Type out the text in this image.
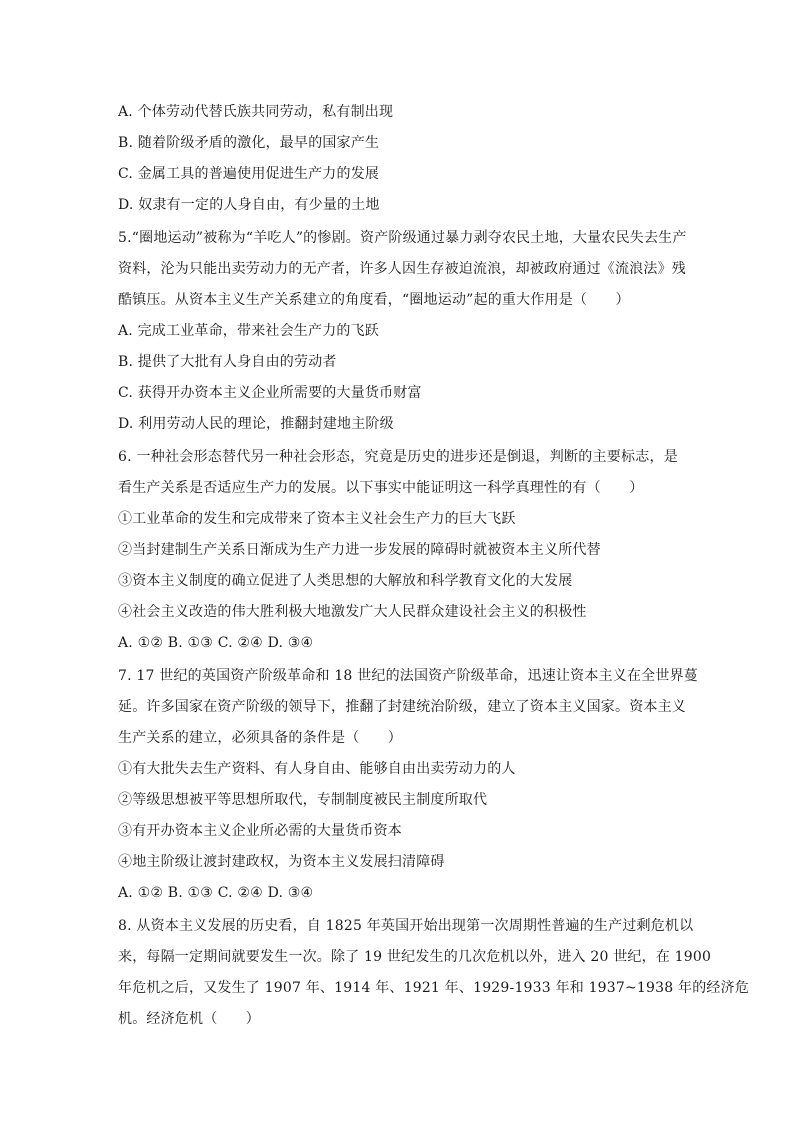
A. 个体劳动代替氏族共同劳动，私有制出现
B. 随着阶级矛盾的激化，最早的国家产生
C. 金属工具的普遍使用促进生产力的发展
D. 奴隶有一定的人身自由，有少量的土地
5.“圈地运动”被称为“羊吃人”的惨剧。资产阶级通过暴力剥夺农民土地，大量农民失去生产
资料，沦为只能出卖劳动力的无产者，许多人因生存被迫流浪，却被政府通过《流浪法》残
酷镇压。从资本主义生产关系建立的角度看，“圈地运动”起的重大作用是（　　）
A. 完成工业革命，带来社会生产力的飞跃
B. 提供了大批有人身自由的劳动者
C. 获得开办资本主义企业所需要的大量货币财富
D. 利用劳动人民的理论，推翻封建地主阶级
6. 一种社会形态替代另一种社会形态，究竟是历史的进步还是倒退，判断的主要标志，是
看生产关系是否适应生产力的发展。以下事实中能证明这一科学真理性的有（　　）
①工业革命的发生和完成带来了资本主义社会生产力的巨大飞跃
②当封建制生产关系日渐成为生产力进一步发展的障碍时就被资本主义所代替
③资本主义制度的确立促进了人类思想的大解放和科学教育文化的大发展
④社会主义改造的伟大胜利极大地激发广大人民群众建设社会主义的积极性
A. ①② B. ①③ C. ②④ D. ③④
7. 17 世纪的英国资产阶级革命和 18 世纪的法国资产阶级革命，迅速让资本主义在全世界蔓
延。许多国家在资产阶级的领导下，推翻了封建统治阶级，建立了资本主义国家。资本主义
生产关系的建立，必须具备的条件是（　　）
①有大批失去生产资料、有人身自由、能够自由出卖劳动力的人
②等级思想被平等思想所取代，专制制度被民主制度所取代
③有开办资本主义企业所必需的大量货币资本
④地主阶级让渡封建政权，为资本主义发展扫清障碍
A. ①② B. ①③ C. ②④ D. ③④
8. 从资本主义发展的历史看，自 1825 年英国开始出现第一次周期性普遍的生产过剩危机以
来，每隔一定期间就要发生一次。除了 19 世纪发生的几次危机以外，进入 20 世纪，在 1900
年危机之后，又发生了 1907 年、1914 年、1921 年、1929-1933 年和 1937~1938 年的经济危
机。经济危机（　　）
